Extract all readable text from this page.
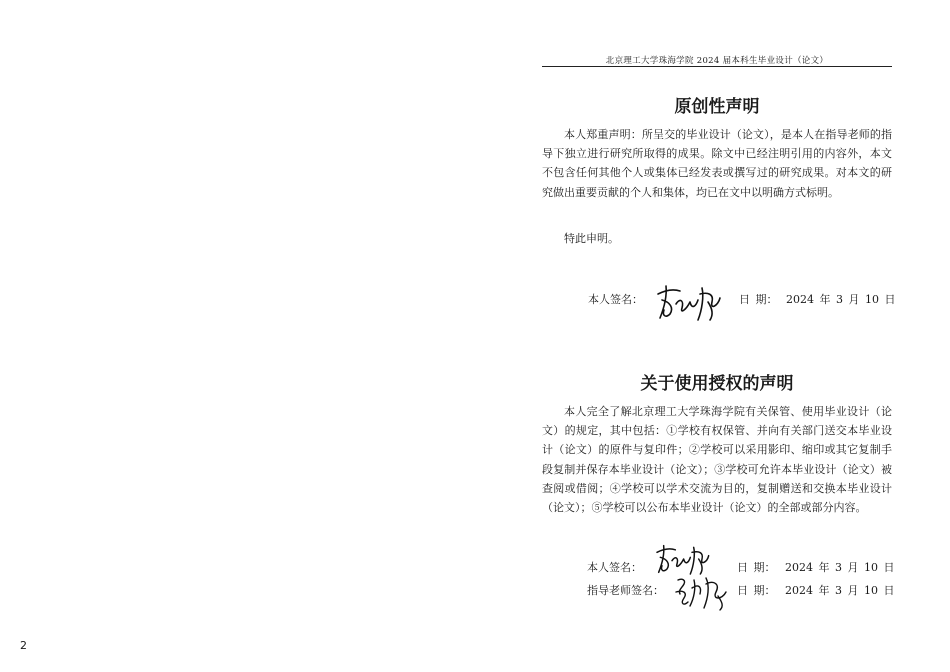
北京理工大学珠海学院 2024 届本科生毕业设计（论文）
原创性声明

本人郑重声明：所呈交的毕业设计（论文），是本人在指导老师的指导下独立进行研究所取得的成果。除文中已经注明引用的内容外，本文不包含任何其他个人或集体已经发表或撰写过的研究成果。对本文的研究做出重要贡献的个人和集体，均已在文中以明确方式标明。

特此申明。

本人签名：	日 期： 2024 年 3 月 10 日
关于使用授权的声明

本人完全了解北京理工大学珠海学院有关保管、使用毕业设计（论文）的规定，其中包括：①学校有权保管、并向有关部门送交本毕业设计（论文）的原件与复印件；②学校可以采用影印、缩印或其它复制手段复制并保存本毕业设计（论文）；③学校可允许本毕业设计（论文）被查阅或借阅；④学校可以学术交流为目的，复制赠送和交换本毕业设计（论文）；⑤学校可以公布本毕业设计（论文）的全部或部分内容。

本人签名：	日 期： 2024 年 3 月 10 日
指导老师签名：	日 期： 2024 年 3 月 10 日
2
